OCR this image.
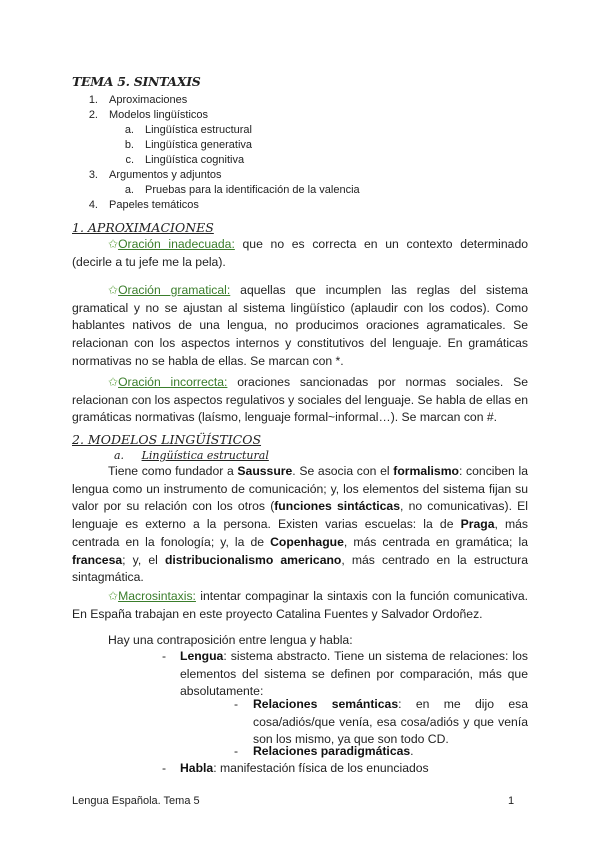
TEMA 5. SINTAXIS
1. Aproximaciones
2. Modelos lingüísticos
a. Lingüística estructural
b. Lingüística generativa
c. Lingüística cognitiva
3. Argumentos y adjuntos
a. Pruebas para la identificación de la valencia
4. Papeles temáticos
1. APROXIMACIONES
✩Oración inadecuada: que no es correcta en un contexto determinado (decirle a tu jefe me la pela).
✩Oración gramatical: aquellas que incumplen las reglas del sistema gramatical y no se ajustan al sistema lingüístico (aplaudir con los codos). Como hablantes nativos de una lengua, no producimos oraciones agramaticales. Se relacionan con los aspectos internos y constitutivos del lenguaje. En gramáticas normativas no se habla de ellas. Se marcan con *.
✩Oración incorrecta: oraciones sancionadas por normas sociales. Se relacionan con los aspectos regulativos y sociales del lenguaje. Se habla de ellas en gramáticas normativas (laísmo, lenguaje formal~informal…). Se marcan con #.
2. MODELOS LINGÜÍSTICOS
a. Lingüística estructural
Tiene como fundador a Saussure. Se asocia con el formalismo: conciben la lengua como un instrumento de comunicación; y, los elementos del sistema fijan su valor por su relación con los otros (funciones sintácticas, no comunicativas). El lenguaje es externo a la persona. Existen varias escuelas: la de Praga, más centrada en la fonología; y, la de Copenhague, más centrada en gramática; la francesa; y, el distribucionalismo americano, más centrado en la estructura sintagmática.
✩Macrosintaxis: intentar compaginar la sintaxis con la función comunicativa. En España trabajan en este proyecto Catalina Fuentes y Salvador Ordoñez.
Hay una contraposición entre lengua y habla:
- Lengua: sistema abstracto. Tiene un sistema de relaciones: los elementos del sistema se definen por comparación, más que absolutamente:
- Relaciones semánticas: en me dijo esa cosa/adiós/que venía, esa cosa/adiós y que venía son los mismo, ya que son todo CD.
- Relaciones paradigmáticas.
- Habla: manifestación física de los enunciados
Lengua Española. Tema 5	1
